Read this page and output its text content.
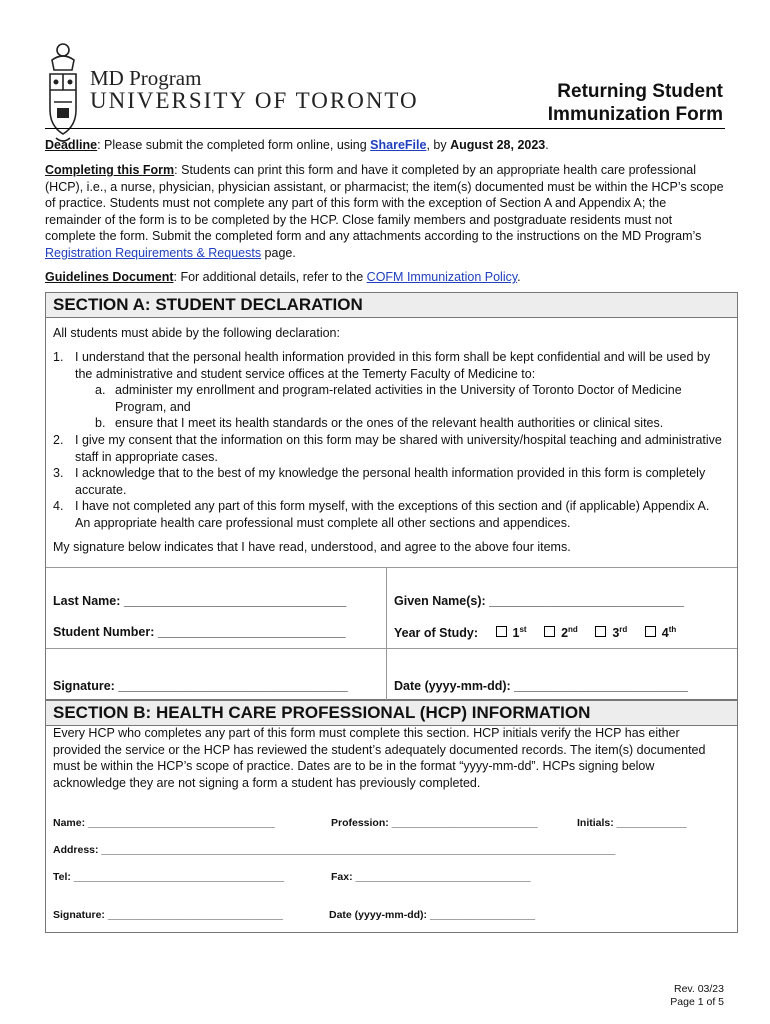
MD Program
UNIVERSITY OF TORONTO	Returning Student
Immunization Form
Deadline: Please submit the completed form online, using ShareFile, by August 28, 2023.
Completing this Form: Students can print this form and have it completed by an appropriate health care professional (HCP), i.e., a nurse, physician, physician assistant, or pharmacist; the item(s) documented must be within the HCP’s scope of practice. Students must not complete any part of this form with the exception of Section A and Appendix A; the remainder of the form is to be completed by the HCP. Close family members and postgraduate residents must not complete the form. Submit the completed form and any attachments according to the instructions on the MD Program’s Registration Requirements & Requests page.
Guidelines Document: For additional details, refer to the COFM Immunization Policy.
SECTION A: STUDENT DECLARATION
All students must abide by the following declaration:
1. I understand that the personal health information provided in this form shall be kept confidential and will be used by the administrative and student service offices at the Temerty Faculty of Medicine to:
a. administer my enrollment and program-related activities in the University of Toronto Doctor of Medicine Program, and
b. ensure that I meet its health standards or the ones of the relevant health authorities or clinical sites.
2. I give my consent that the information on this form may be shared with university/hospital teaching and administrative staff in appropriate cases.
3. I acknowledge that to the best of my knowledge the personal health information provided in this form is completely accurate.
4. I have not completed any part of this form myself, with the exceptions of this section and (if applicable) Appendix A. An appropriate health care professional must complete all other sections and appendices.
My signature below indicates that I have read, understood, and agree to the above four items.
Last Name: ________________________________	Given Name(s): ____________________________
Student Number: ___________________________	Year of Study:	1st	2nd	3rd	4th
Signature: _________________________________	Date (yyyy-mm-dd): _________________________
SECTION B: HEALTH CARE PROFESSIONAL (HCP) INFORMATION
Every HCP who completes any part of this form must complete this section. HCP initials verify the HCP has either provided the service or the HCP has reviewed the student’s adequately documented records. The item(s) documented must be within the HCP’s scope of practice. Dates are to be in the format “yyyy-mm-dd”. HCPs signing below acknowledge they are not signing a form a student has previously completed.
Name: ________________________________	Profession: _________________________	Initials: ____________
Address: ________________________________________________________________________________________
Tel: ____________________________________	Fax: ______________________________
Signature: ______________________________	Date (yyyy-mm-dd): __________________
Rev. 03/23
Page 1 of 5
